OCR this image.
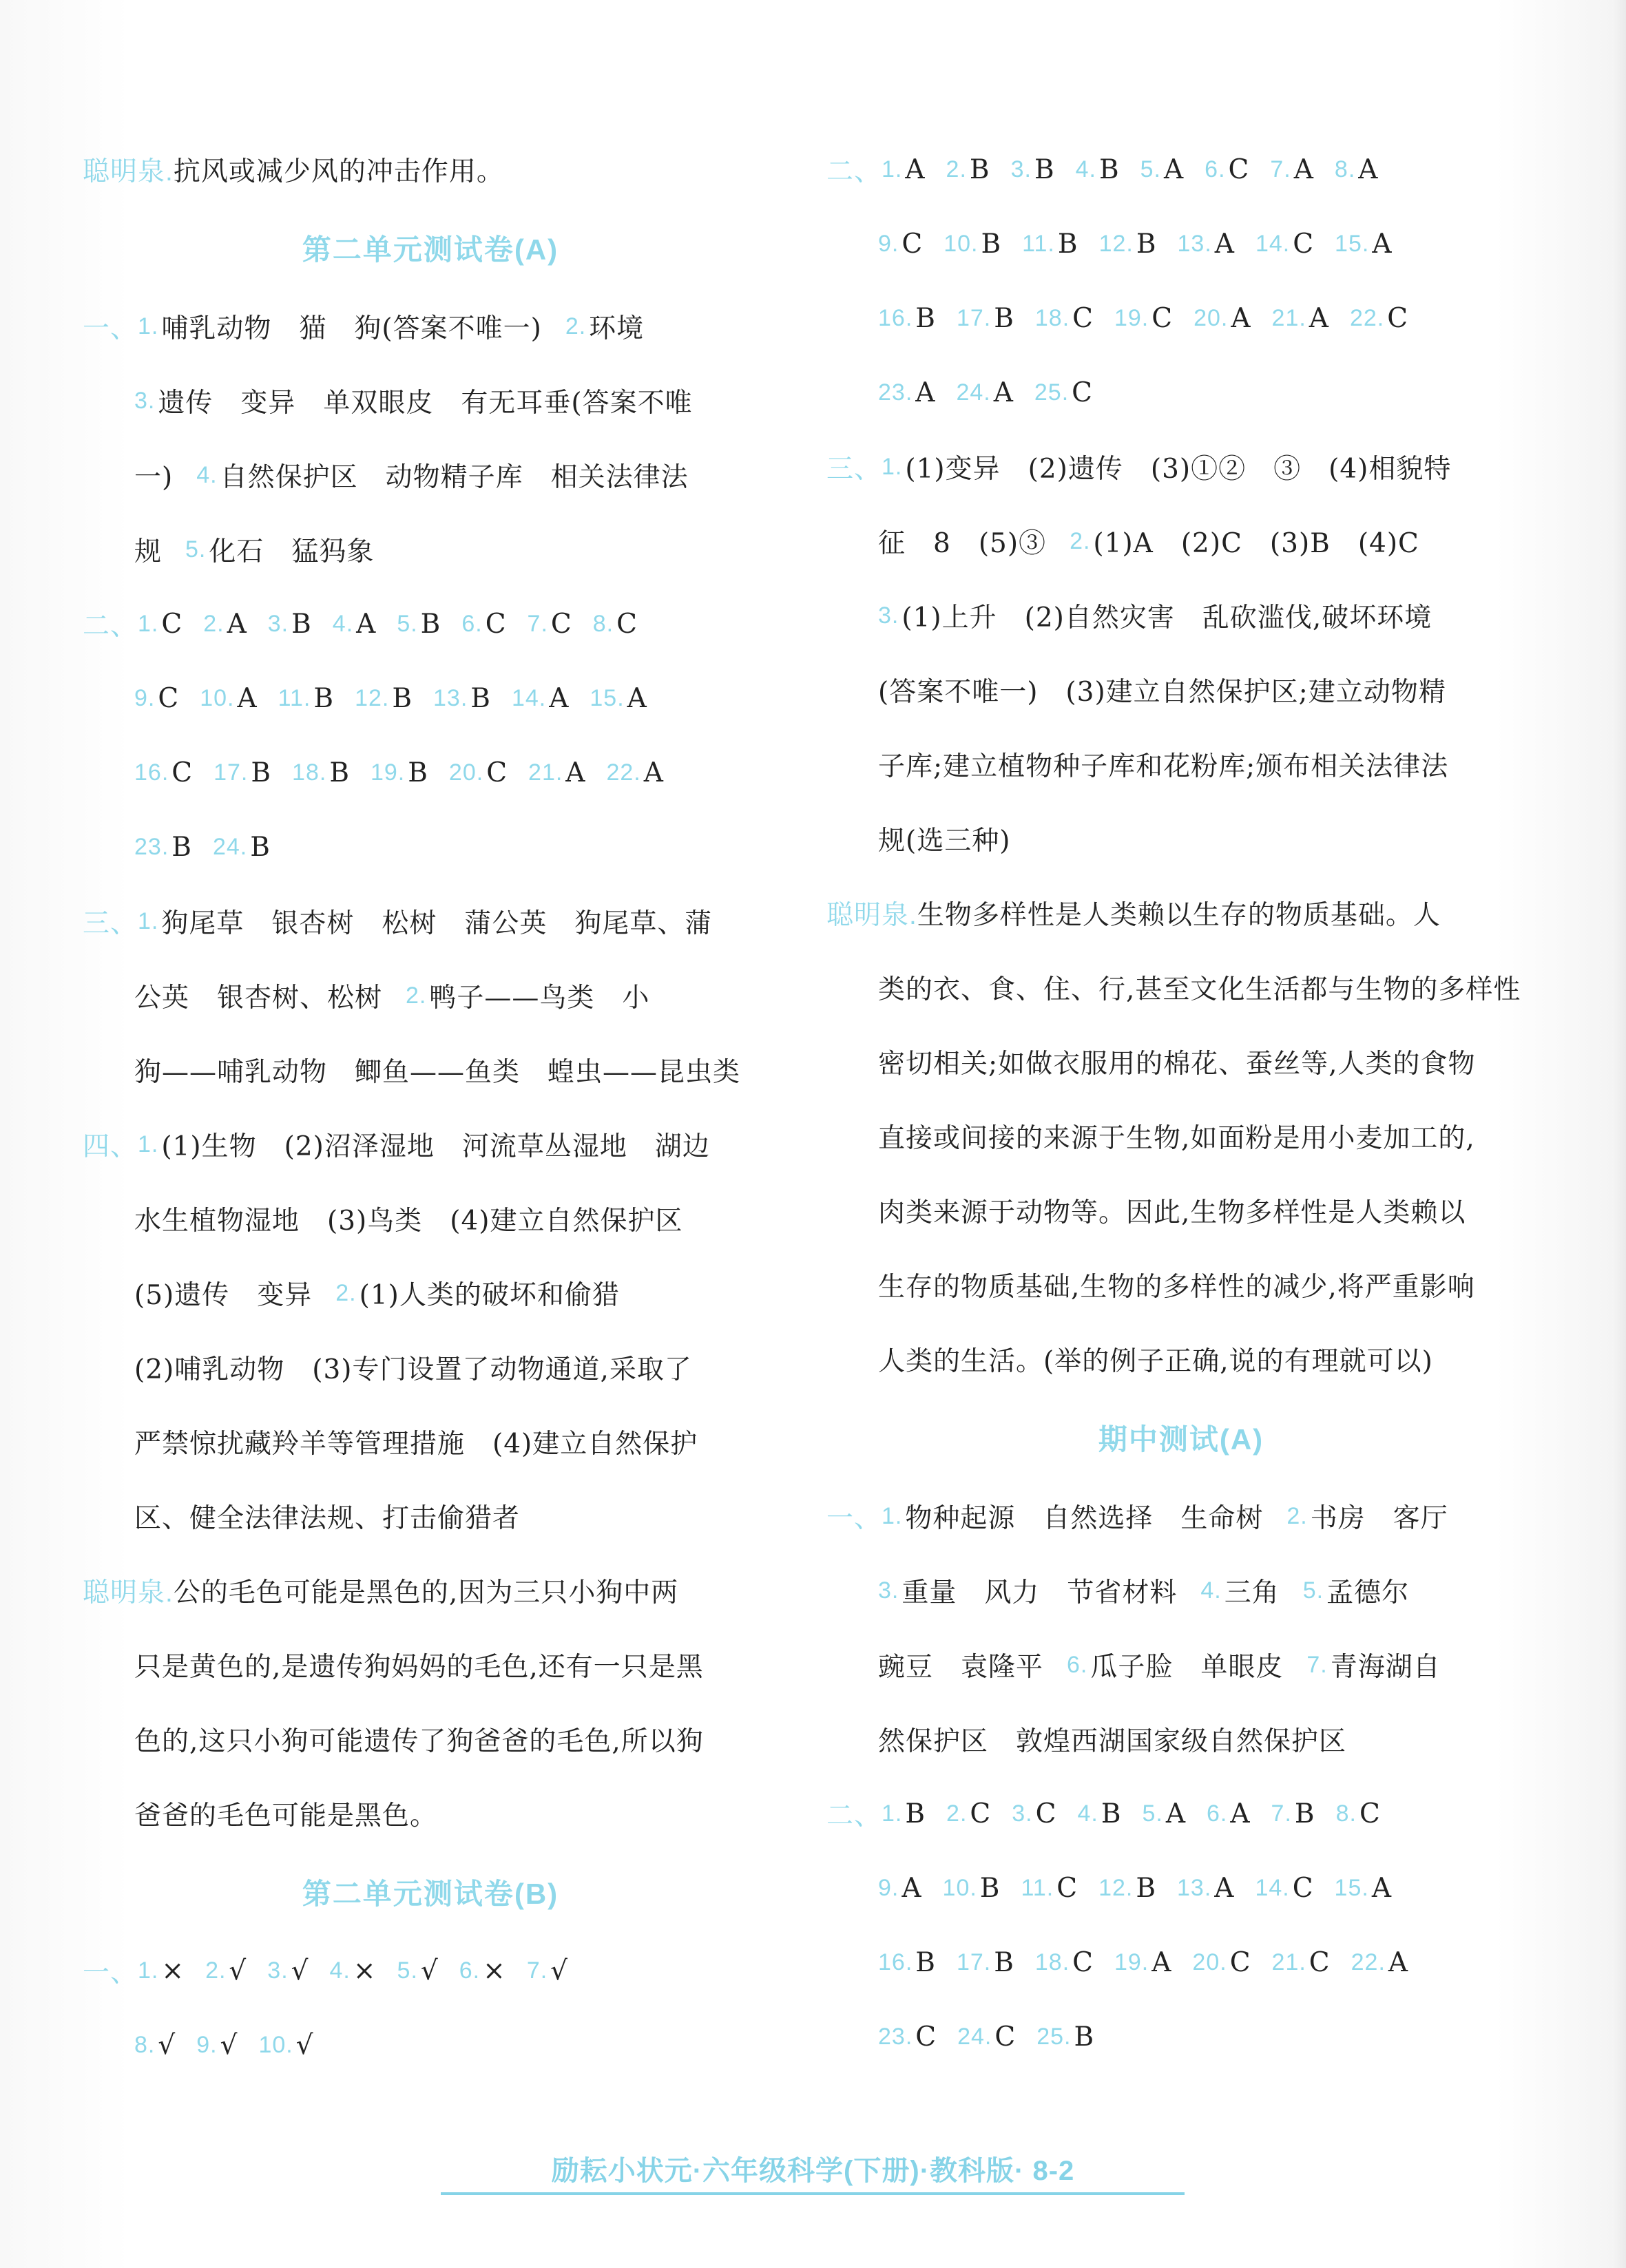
聪明泉. 抗风或减少风的冲击作用。
第二单元测试卷(A)
一、 1. 哺乳动物　猫　狗(答案不唯一) 2. 环境
3. 遗传　变异　单双眼皮　有无耳垂(答案不唯
一) 4. 自然保护区　动物精子库　相关法律法
规 5. 化石　猛犸象
二、 1. C 2. A 3. B 4. A 5. B 6. C 7. C 8. C
9. C 10. A 11. B 12. B 13. B 14. A 15. A
16. C 17. B 18. B 19. B 20. C 21. A 22. A
23. B 24. B
三、 1. 狗尾草　银杏树　松树　蒲公英　狗尾草、蒲
公英　银杏树、松树 2. 鸭子——鸟类　小
狗——哺乳动物　鲫鱼——鱼类　蝗虫——昆虫类
四、 1. (1)生物　(2)沼泽湿地　河流草丛湿地　湖边
水生植物湿地　(3)鸟类　(4)建立自然保护区
(5)遗传　变异 2. (1)人类的破坏和偷猎
(2)哺乳动物　(3)专门设置了动物通道,采取了
严禁惊扰藏羚羊等管理措施　(4)建立自然保护
区、健全法律法规、打击偷猎者
聪明泉. 公的毛色可能是黑色的,因为三只小狗中两
只是黄色的,是遗传狗妈妈的毛色,还有一只是黑
色的,这只小狗可能遗传了狗爸爸的毛色,所以狗
爸爸的毛色可能是黑色。
第二单元测试卷(B)
一、 1. × 2. √ 3. √ 4. × 5. √ 6. × 7. √
8. √ 9. √ 10. √
二、 1. A 2. B 3. B 4. B 5. A 6. C 7. A 8. A
9. C 10. B 11. B 12. B 13. A 14. C 15. A
16. B 17. B 18. C 19. C 20. A 21. A 22. C
23. A 24. A 25. C
三、 1. (1)变异　(2)遗传　(3)①②　③　(4)相貌特
征　8　(5)③ 2. (1)A　(2)C　(3)B　(4)C
3. (1)上升　(2)自然灾害　乱砍滥伐,破坏环境
(答案不唯一)　(3)建立自然保护区;建立动物精
子库;建立植物种子库和花粉库;颁布相关法律法
规(选三种)
聪明泉. 生物多样性是人类赖以生存的物质基础。人
类的衣、食、住、行,甚至文化生活都与生物的多样性
密切相关;如做衣服用的棉花、蚕丝等,人类的食物
直接或间接的来源于生物,如面粉是用小麦加工的,
肉类来源于动物等。因此,生物多样性是人类赖以
生存的物质基础,生物的多样性的减少,将严重影响
人类的生活。(举的例子正确,说的有理就可以)
期中测试(A)
一、 1. 物种起源　自然选择　生命树 2. 书房　客厅
3. 重量　风力　节省材料 4. 三角 5. 孟德尔
豌豆　袁隆平 6. 瓜子脸　单眼皮 7. 青海湖自
然保护区　敦煌西湖国家级自然保护区
二、 1. B 2. C 3. C 4. B 5. A 6. A 7. B 8. C
9. A 10. B 11. C 12. B 13. A 14. C 15. A
16. B 17. B 18. C 19. A 20. C 21. C 22. A
23. C 24. C 25. B
励耘小状元·六年级科学(下册)·教科版· 8-2
